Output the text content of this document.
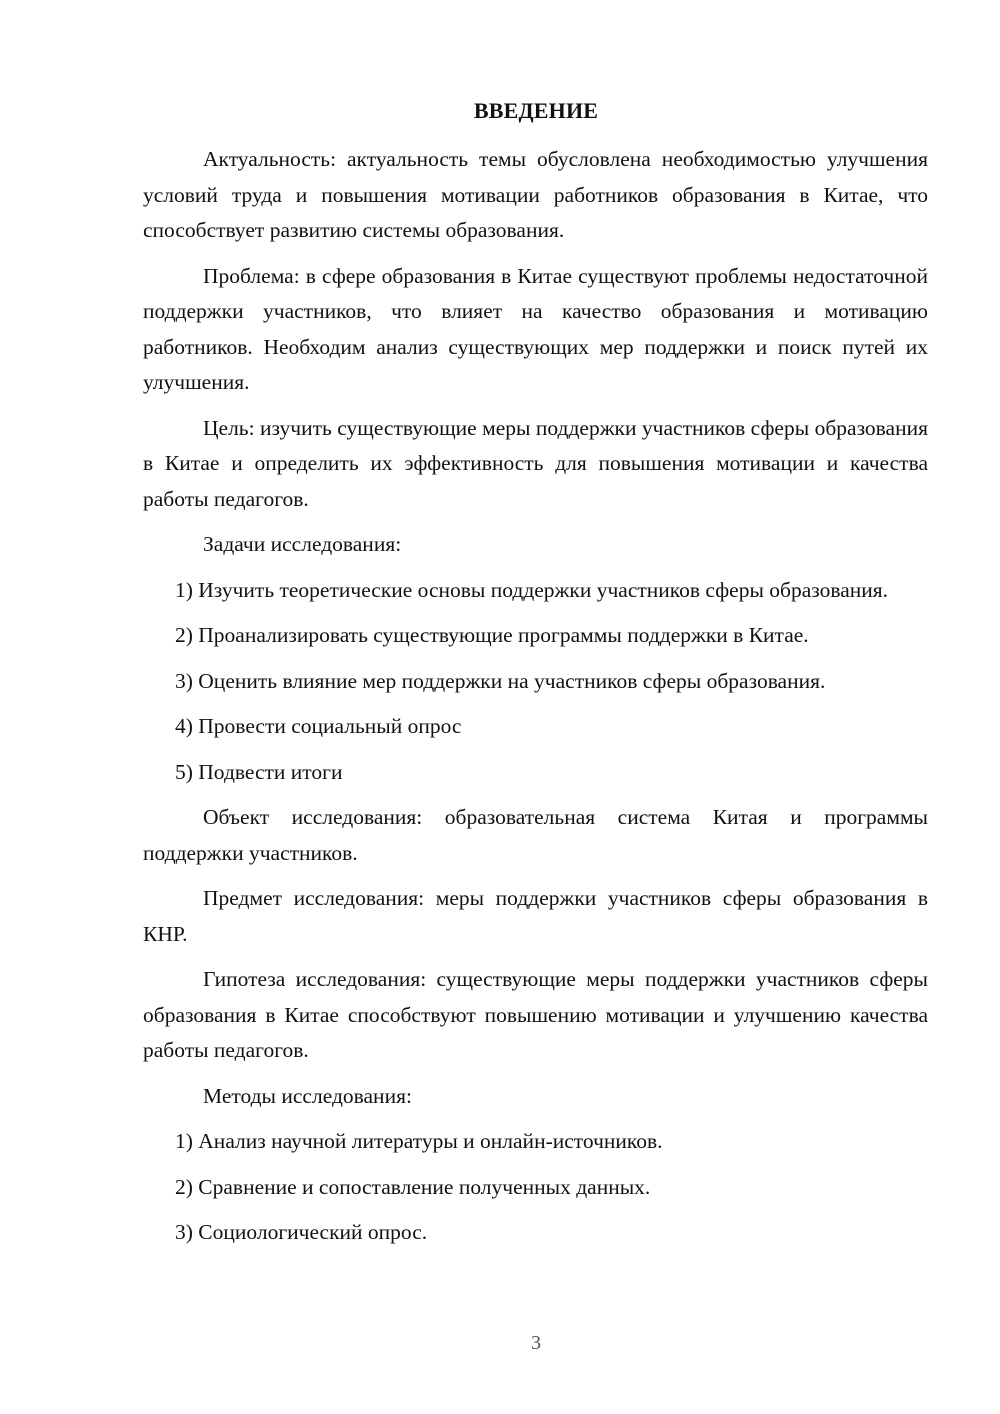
ВВЕДЕНИЕ

Актуальность: актуальность темы обусловлена необходимостью улучшения условий труда и повышения мотивации работников образования в Китае, что способствует развитию системы образования.

Проблема: в сфере образования в Китае существуют проблемы недостаточной поддержки участников, что влияет на качество образования и мотивацию работников. Необходим анализ существующих мер поддержки и поиск путей их улучшения.

Цель: изучить существующие меры поддержки участников сферы образования в Китае и определить их эффективность для повышения мотивации и качества работы педагогов.

Задачи исследования:

1) Изучить теоретические основы поддержки участников сферы образования.

2) Проанализировать существующие программы поддержки в Китае.

3) Оценить влияние мер поддержки на участников сферы образования.

4) Провести социальный опрос

5) Подвести итоги

Объект исследования: образовательная система Китая и программы поддержки участников.

Предмет исследования: меры поддержки участников сферы образования в КНР.

Гипотеза исследования: существующие меры поддержки участников сферы образования в Китае способствуют повышению мотивации и улучшению качества работы педагогов.

Методы исследования:

1) Анализ научной литературы и онлайн-источников.

2) Сравнение и сопоставление полученных данных.

3) Социологический опрос.

3
